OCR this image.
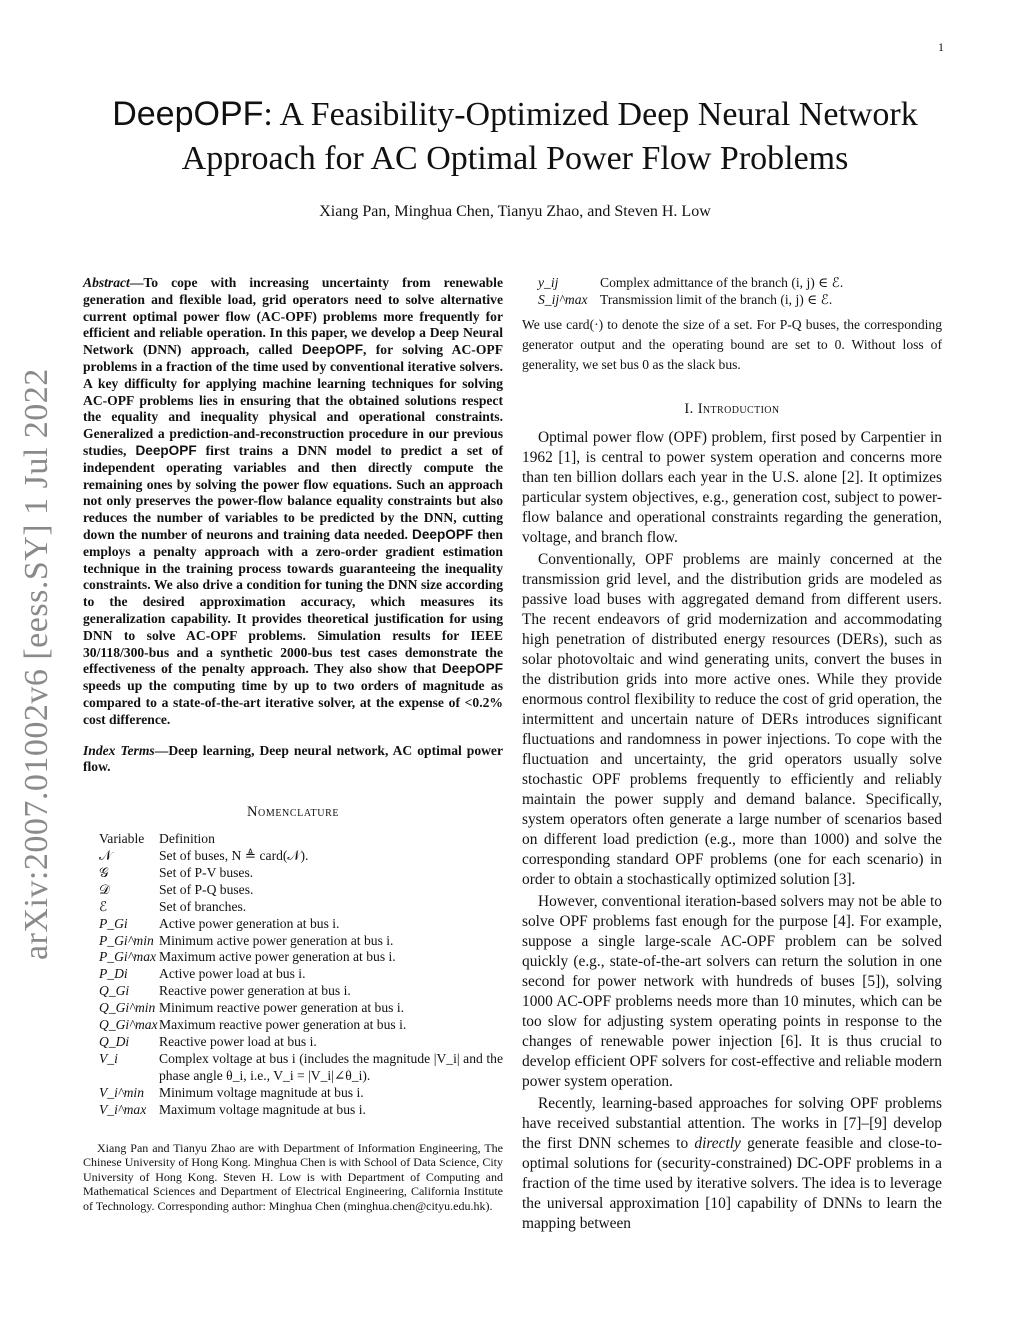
1
arXiv:2007.01002v6 [eess.SY] 1 Jul 2022
DeepOPF: A Feasibility-Optimized Deep Neural Network
Approach for AC Optimal Power Flow Problems
Xiang Pan, Minghua Chen, Tianyu Zhao, and Steven H. Low

Abstract—To cope with increasing uncertainty from renewable generation and flexible load, grid operators need to solve alternative current optimal power flow (AC-OPF) problems more frequently for efficient and reliable operation. In this paper, we develop a Deep Neural Network (DNN) approach, called DeepOPF, for solving AC-OPF problems in a fraction of the time used by conventional iterative solvers. A key difficulty for applying machine learning techniques for solving AC-OPF problems lies in ensuring that the obtained solutions respect the equality and inequality physical and operational constraints. Generalized a prediction-and-reconstruction procedure in our previous studies, DeepOPF first trains a DNN model to predict a set of independent operating variables and then directly compute the remaining ones by solving the power flow equations. Such an approach not only preserves the power-flow balance equality constraints but also reduces the number of variables to be predicted by the DNN, cutting down the number of neurons and training data needed. DeepOPF then employs a penalty approach with a zero-order gradient estimation technique in the training process towards guaranteeing the inequality constraints. We also drive a condition for tuning the DNN size according to the desired approximation accuracy, which measures its generalization capability. It provides theoretical justification for using DNN to solve AC-OPF problems. Simulation results for IEEE 30/118/300-bus and a synthetic 2000-bus test cases demonstrate the effectiveness of the penalty approach. They also show that DeepOPF speeds up the computing time by up to two orders of magnitude as compared to a state-of-the-art iterative solver, at the expense of <0.2% cost difference.

Index Terms—Deep learning, Deep neural network, AC optimal power flow.

Nomenclature
Variable	Definition
𝒩	Set of buses, N ≜ card(𝒩).
𝒢	Set of P-V buses.
𝒟	Set of P-Q buses.
ℰ	Set of branches.
P_Gi	Active power generation at bus i.
P_Gi^min	Minimum active power generation at bus i.
P_Gi^max	Maximum active power generation at bus i.
P_Di	Active power load at bus i.
Q_Gi	Reactive power generation at bus i.
Q_Gi^min	Minimum reactive power generation at bus i.
Q_Gi^max	Maximum reactive power generation at bus i.
Q_Di	Reactive power load at bus i.
V_i	Complex voltage at bus i (includes the magnitude |V_i| and the phase angle θ_i, i.e., V_i = |V_i|∠θ_i).
V_i^min	Minimum voltage magnitude at bus i.
V_i^max	Maximum voltage magnitude at bus i.
Xiang Pan and Tianyu Zhao are with Department of Information Engineering, The Chinese University of Hong Kong. Minghua Chen is with School of Data Science, City University of Hong Kong. Steven H. Low is with Department of Computing and Mathematical Sciences and Department of Electrical Engineering, California Institute of Technology. Corresponding author: Minghua Chen (minghua.chen@cityu.edu.hk).
y_ij	Complex admittance of the branch (i, j) ∈ ℰ.
S_ij^max	Transmission limit of the branch (i, j) ∈ ℰ.

We use card(·) to denote the size of a set. For P-Q buses, the corresponding generator output and the operating bound are set to 0. Without loss of generality, we set bus 0 as the slack bus.

I. Introduction

Optimal power flow (OPF) problem, first posed by Carpentier in 1962 [1], is central to power system operation and concerns more than ten billion dollars each year in the U.S. alone [2]. It optimizes particular system objectives, e.g., generation cost, subject to power-flow balance and operational constraints regarding the generation, voltage, and branch flow.

Conventionally, OPF problems are mainly concerned at the transmission grid level, and the distribution grids are modeled as passive load buses with aggregated demand from different users. The recent endeavors of grid modernization and accommodating high penetration of distributed energy resources (DERs), such as solar photovoltaic and wind generating units, convert the buses in the distribution grids into more active ones. While they provide enormous control flexibility to reduce the cost of grid operation, the intermittent and uncertain nature of DERs introduces significant fluctuations and randomness in power injections. To cope with the fluctuation and uncertainty, the grid operators usually solve stochastic OPF problems frequently to efficiently and reliably maintain the power supply and demand balance. Specifically, system operators often generate a large number of scenarios based on different load prediction (e.g., more than 1000) and solve the corresponding standard OPF problems (one for each scenario) in order to obtain a stochastically optimized solution [3].

However, conventional iteration-based solvers may not be able to solve OPF problems fast enough for the purpose [4]. For example, suppose a single large-scale AC-OPF problem can be solved quickly (e.g., state-of-the-art solvers can return the solution in one second for power network with hundreds of buses [5]), solving 1000 AC-OPF problems needs more than 10 minutes, which can be too slow for adjusting system operating points in response to the changes of renewable power injection [6]. It is thus crucial to develop efficient OPF solvers for cost-effective and reliable modern power system operation.

Recently, learning-based approaches for solving OPF problems have received substantial attention. The works in [7]–[9] develop the first DNN schemes to directly generate feasible and close-to-optimal solutions for (security-constrained) DC-OPF problems in a fraction of the time used by iterative solvers. The idea is to leverage the universal approximation [10] capability of DNNs to learn the mapping between
